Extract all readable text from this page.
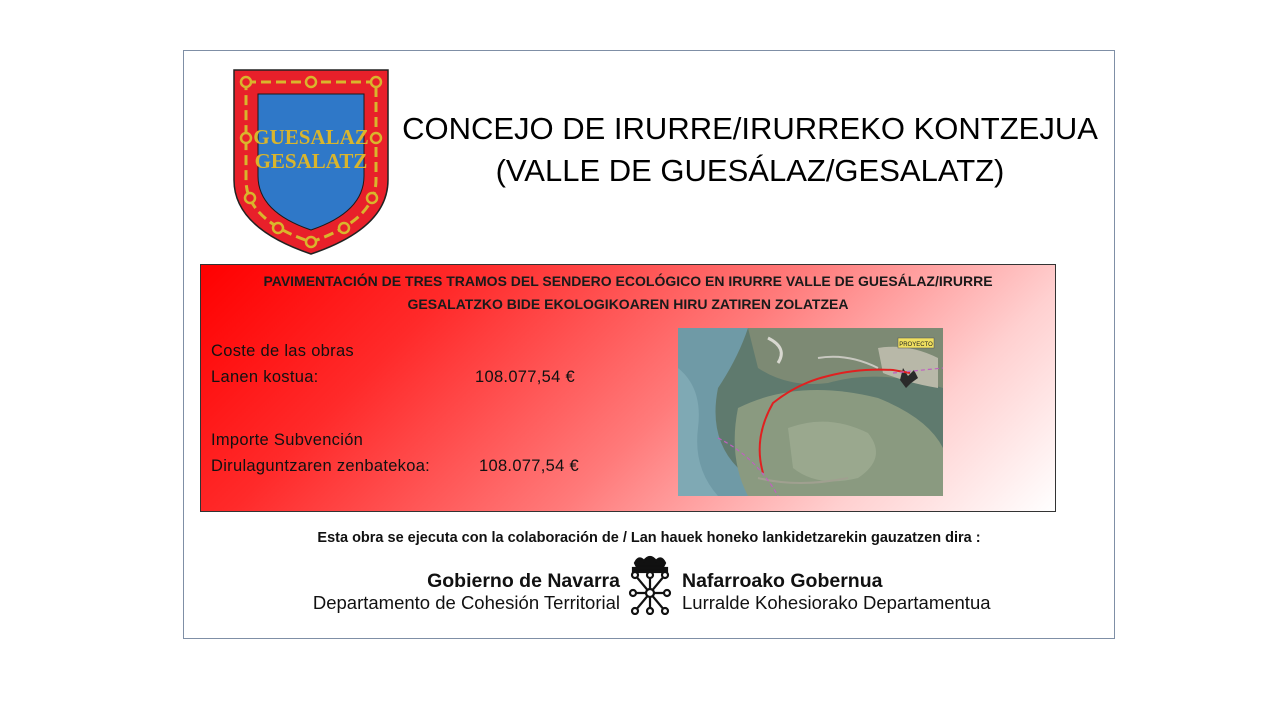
GUESALAZ
GESALATZ
CONCEJO DE IRURRE/IRURREKO KONTZEJUA
(VALLE DE GUESÁLAZ/GESALATZ)
PAVIMENTACIÓN DE TRES TRAMOS DEL SENDERO ECOLÓGICO EN IRURRE VALLE DE GUESÁLAZ/IRURRE
GESALATZKO BIDE EKOLOGIKOAREN HIRU ZATIREN ZOLATZEA
Coste de las obras
Lanen kostua:	108.077,54 €
Importe Subvención
Dirulaguntzaren zenbatekoa:	108.077,54 €
PROYECTO
Esta obra se ejecuta con la colaboración de / Lan hauek honeko lankidetzarekin gauzatzen dira :
Gobierno de Navarra
Departamento de Cohesión Territorial
Nafarroako Gobernua
Lurralde Kohesiorako Departamentua
